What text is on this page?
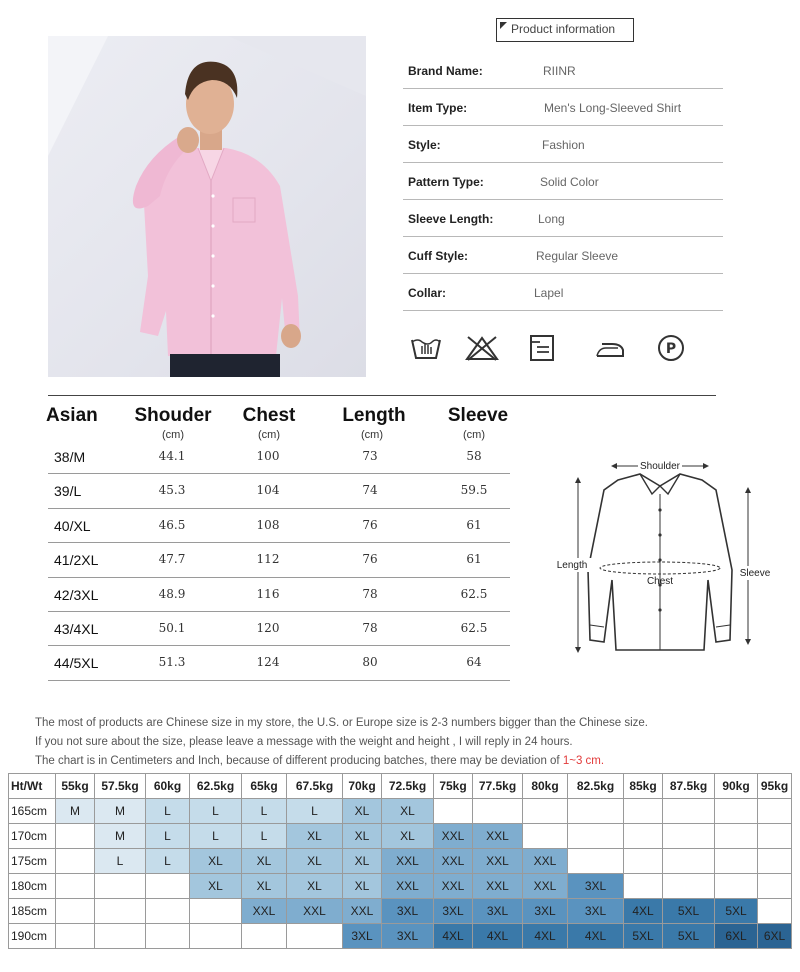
Product information
Brand Name:	RIINR
Item Type:	Men's Long-Sleeved Shirt
Style:	Fashion
Pattern Type:	Solid Color
Sleeve Length:	Long
Cuff Style:	Regular Sleeve
Collar:	Lapel
P
Asian	Shouder	Chest	Length	Sleeve
(cm)	(cm)	(cm)	(cm)
38/M	44.1	100	73	58
39/L	45.3	104	74	59.5
40/XL	46.5	108	76	61
41/2XL	47.7	112	76	61
42/3XL	48.9	116	78	62.5
43/4XL	50.1	120	78	62.5
44/5XL	51.3	124	80	64
Shoulder
Length
Chest
Sleeve

The most of products are Chinese size in my store, the U.S. or Europe size is 2-3 numbers bigger than the Chinese size.

If you not sure about the size, please leave a message with the weight and height , I will reply in 24 hours.

The chart is in Centimeters and Inch, because of different producing batches, there may be deviation of 1~3 cm.

Ht/Wt	55kg	57.5kg	60kg	62.5kg	65kg	67.5kg	70kg	72.5kg	75kg	77.5kg	80kg	82.5kg	85kg	87.5kg	90kg	95kg
165cm	M	M	L	L	L	L	XL	XL								
170cm		M	L	L	L	XL	XL	XL	XXL	XXL						
175cm		L	L	XL	XL	XL	XL	XXL	XXL	XXL	XXL					
180cm				XL	XL	XL	XL	XXL	XXL	XXL	XXL	3XL				
185cm					XXL	XXL	XXL	3XL	3XL	3XL	3XL	3XL	4XL	5XL	5XL	
190cm							3XL	3XL	4XL	4XL	4XL	4XL	5XL	5XL	6XL	6XL
